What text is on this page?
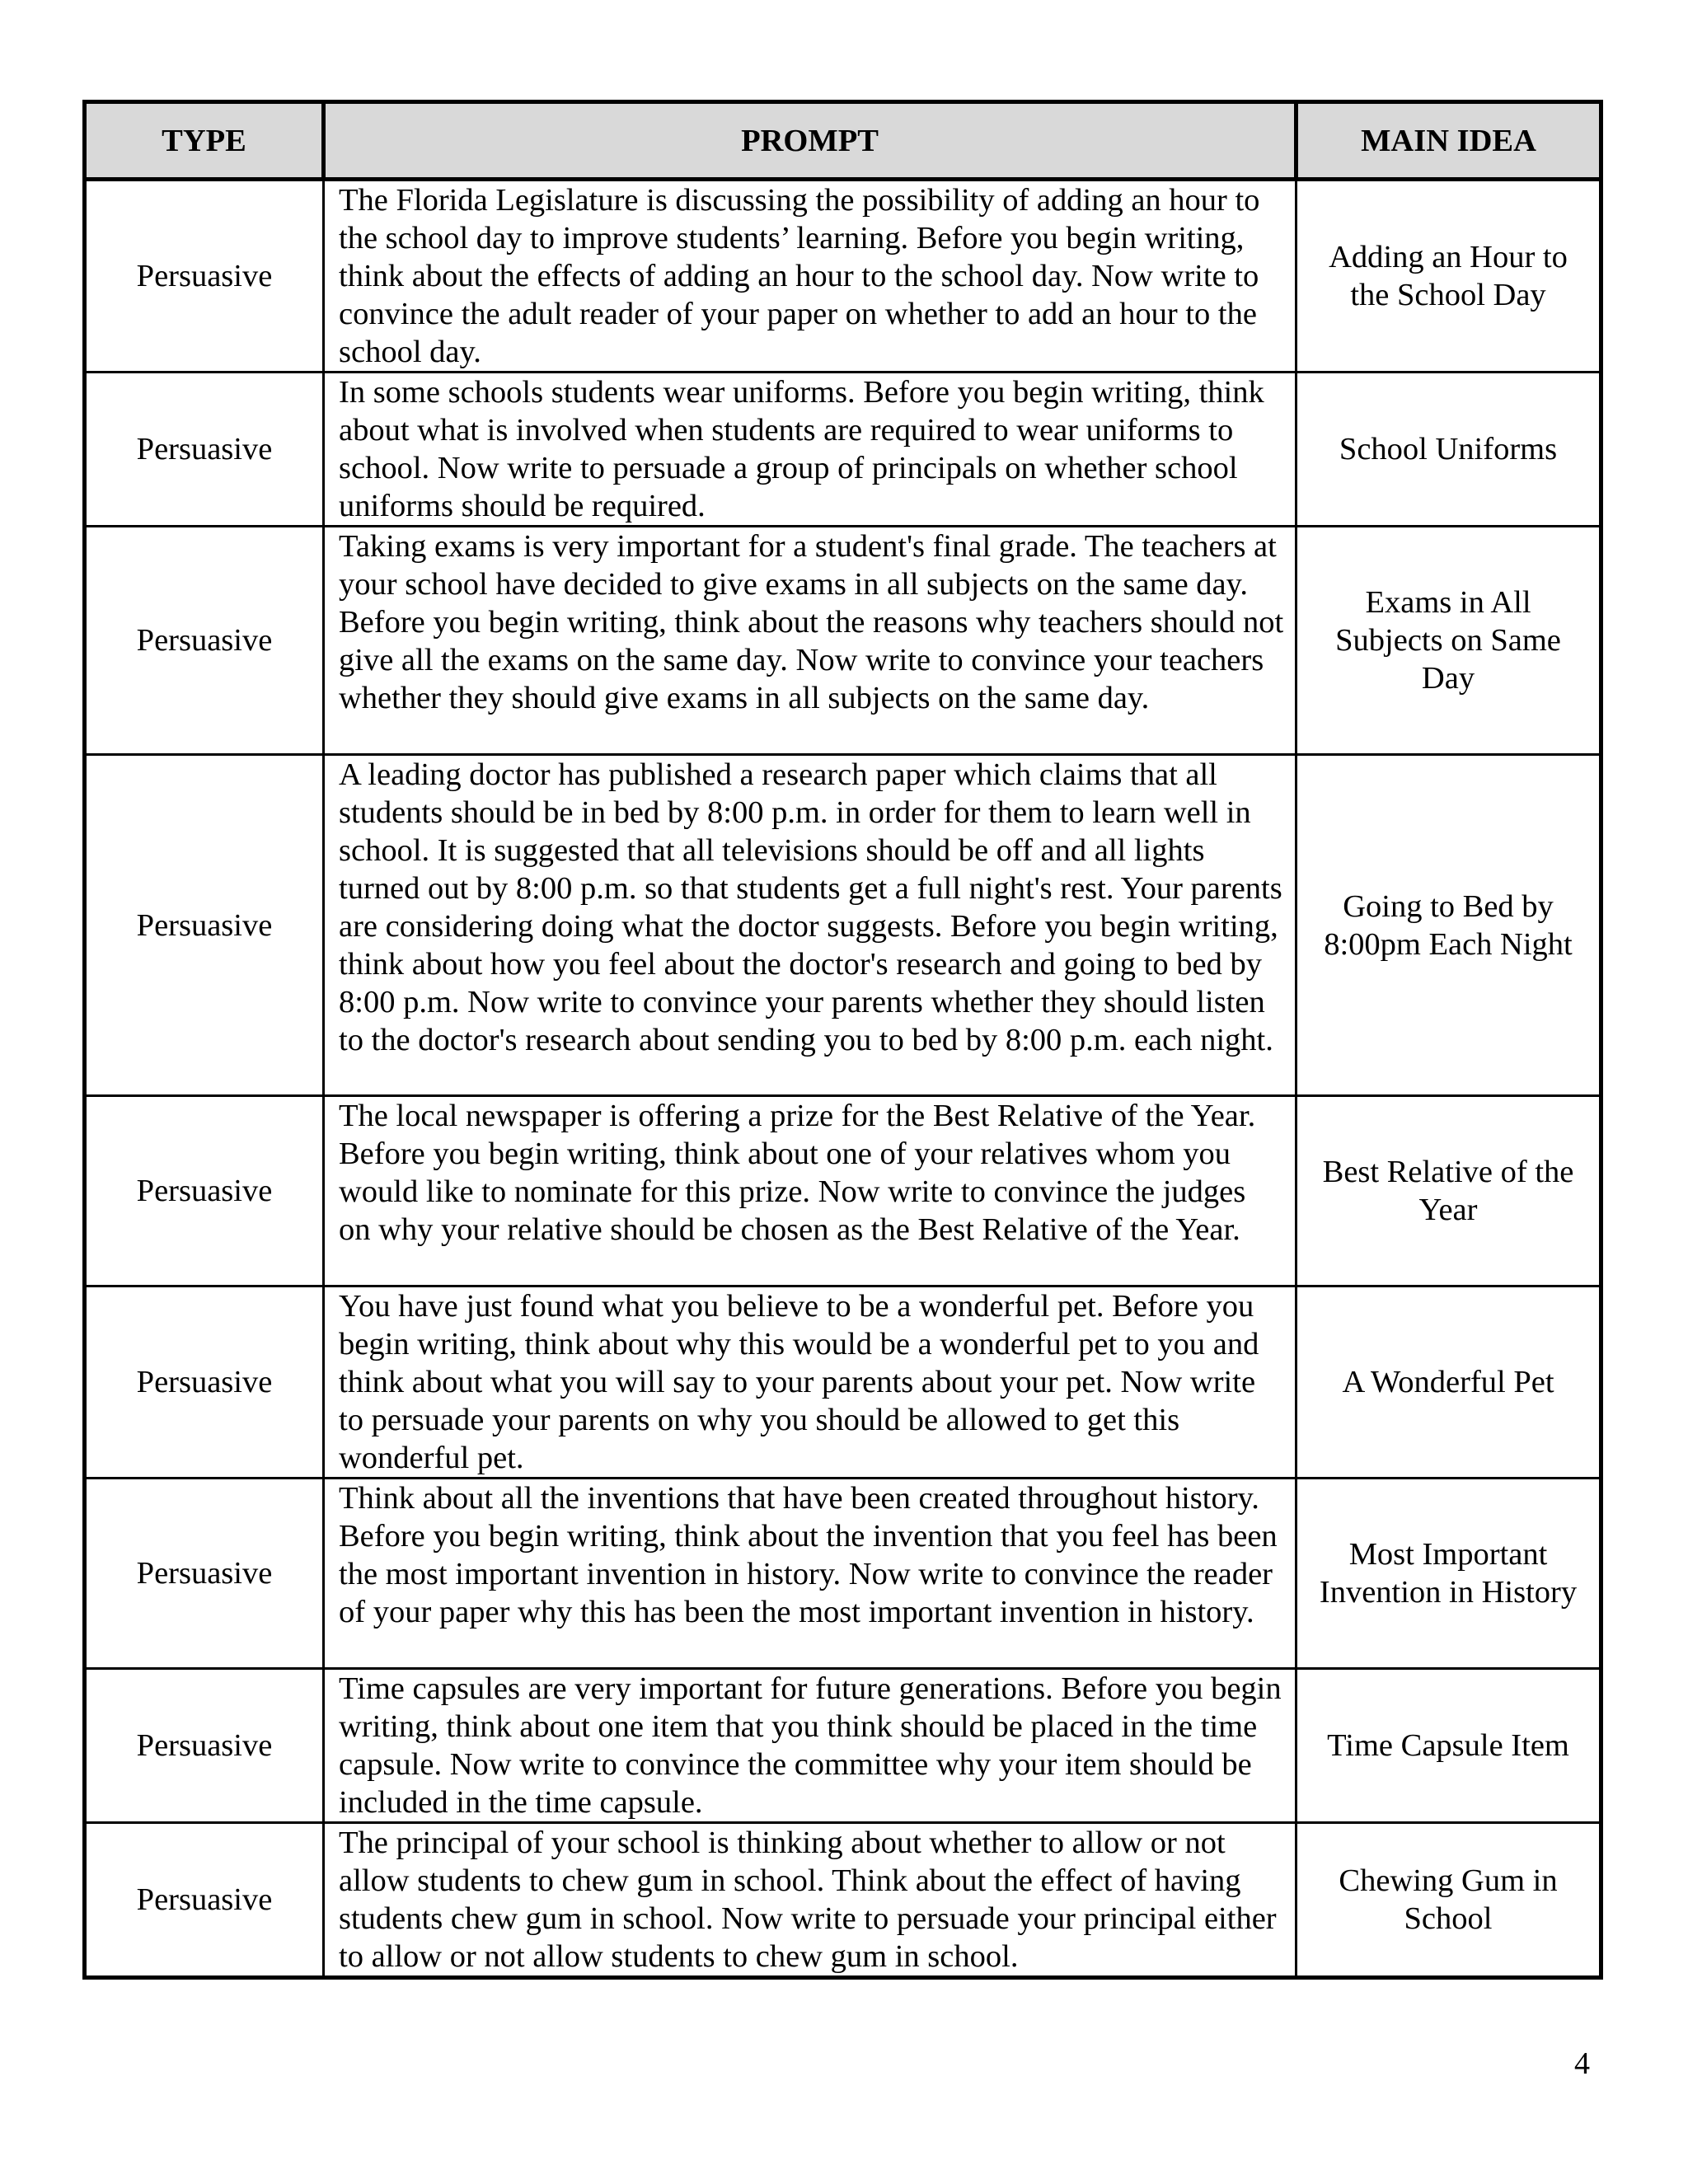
TYPE	PROMPT	MAIN IDEA
Persuasive	The Florida Legislature is discussing the possibility of adding an hour to the school day to improve students’ learning. Before you begin writing, think about the effects of adding an hour to the school day. Now write to convince the adult reader of your paper on whether to add an hour to the school day.	Adding an Hour to the School Day
Persuasive	In some schools students wear uniforms. Before you begin writing, think about what is involved when students are required to wear uniforms to school. Now write to persuade a group of principals on whether school uniforms should be required.	School Uniforms
Persuasive	Taking exams is very important for a student's final grade. The teachers at your school have decided to give exams in all subjects on the same day. Before you begin writing, think about the reasons why teachers should not give all the exams on the same day. Now write to convince your teachers whether they should give exams in all subjects on the same day.	Exams in All Subjects on Same Day
Persuasive	A leading doctor has published a research paper which claims that all students should be in bed by 8:00 p.m. in order for them to learn well in school. It is suggested that all televisions should be off and all lights turned out by 8:00 p.m. so that students get a full night's rest. Your parents are considering doing what the doctor suggests. Before you begin writing, think about how you feel about the doctor's research and going to bed by 8:00 p.m. Now write to convince your parents whether they should listen to the doctor's research about sending you to bed by 8:00 p.m. each night.	Going to Bed by 8:00pm Each Night
Persuasive	The local newspaper is offering a prize for the Best Relative of the Year. Before you begin writing, think about one of your relatives whom you would like to nominate for this prize. Now write to convince the judges on why your relative should be chosen as the Best Relative of the Year.	Best Relative of the Year
Persuasive	You have just found what you believe to be a wonderful pet. Before you begin writing, think about why this would be a wonderful pet to you and think about what you will say to your parents about your pet. Now write to persuade your parents on why you should be allowed to get this wonderful pet.	A Wonderful Pet
Persuasive	Think about all the inventions that have been created throughout history. Before you begin writing, think about the invention that you feel has been the most important invention in history. Now write to convince the reader of your paper why this has been the most important invention in history.	Most Important Invention in History
Persuasive	Time capsules are very important for future generations. Before you begin writing, think about one item that you think should be placed in the time capsule. Now write to convince the committee why your item should be included in the time capsule.	Time Capsule Item
Persuasive	The principal of your school is thinking about whether to allow or not allow students to chew gum in school. Think about the effect of having students chew gum in school. Now write to persuade your principal either to allow or not allow students to chew gum in school.	Chewing Gum in School
4
